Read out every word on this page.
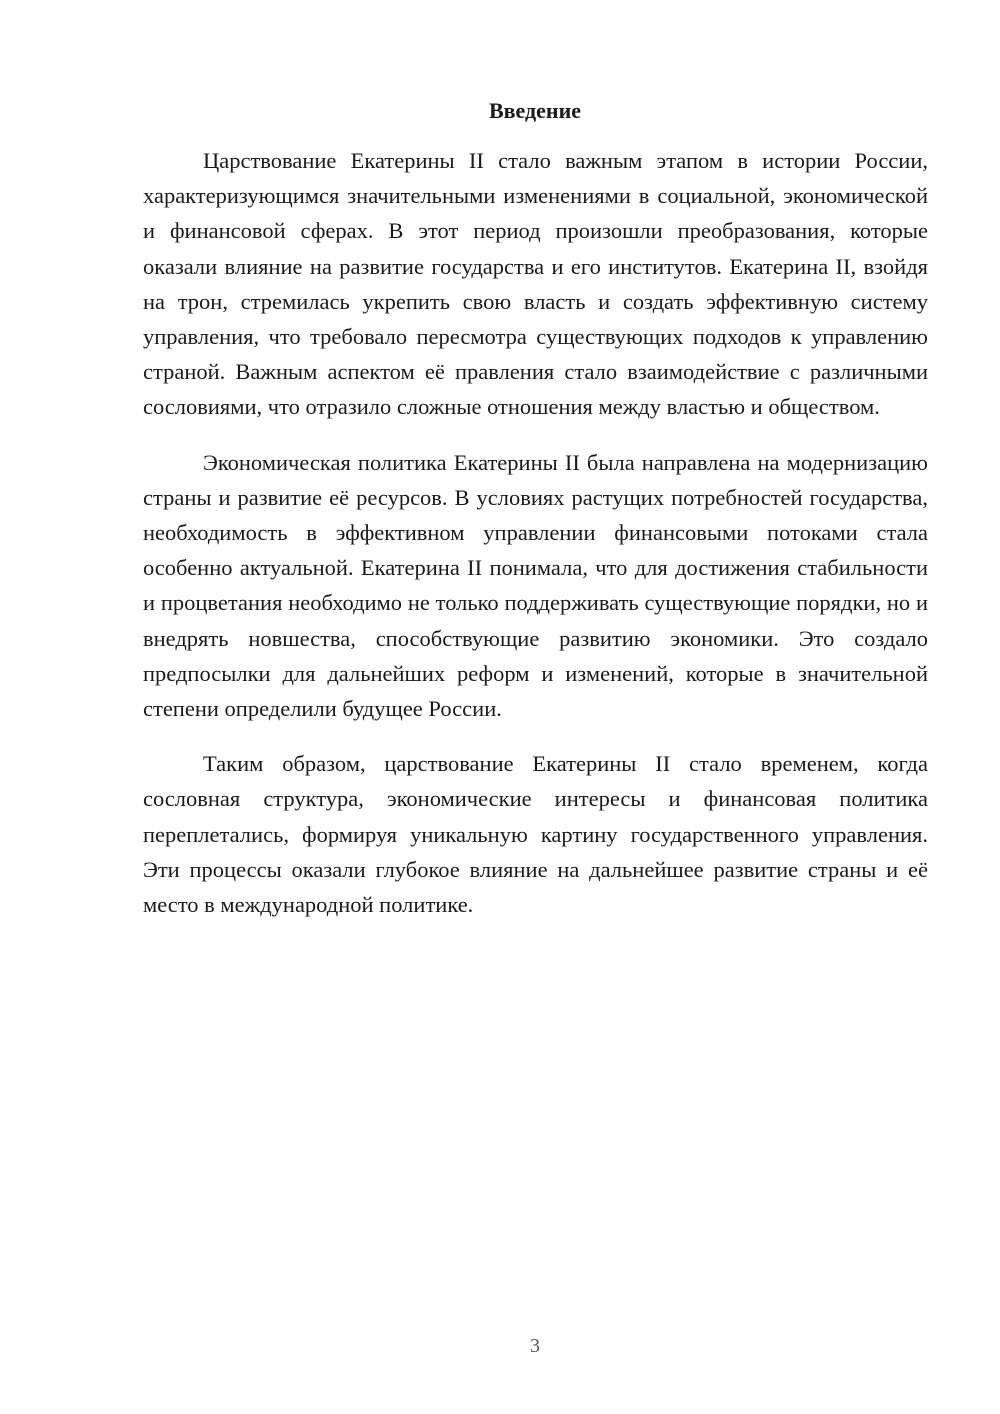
Введение

Царствование Екатерины II стало важным этапом в истории России, характеризующимся значительными изменениями в социальной, экономической и финансовой сферах. В этот период произошли преобразования, которые оказали влияние на развитие государства и его институтов. Екатерина II, взойдя на трон, стремилась укрепить свою власть и создать эффективную систему управления, что требовало пересмотра существующих подходов к управлению страной. Важным аспектом её правления стало взаимодействие с различными сословиями, что отразило сложные отношения между властью и обществом.

Экономическая политика Екатерины II была направлена на модернизацию страны и развитие её ресурсов. В условиях растущих потребностей государства, необходимость в эффективном управлении финансовыми потоками стала особенно актуальной. Екатерина II понимала, что для достижения стабильности и процветания необходимо не только поддерживать существующие порядки, но и внедрять новшества, способствующие развитию экономики. Это создало предпосылки для дальнейших реформ и изменений, которые в значительной степени определили будущее России.

Таким образом, царствование Екатерины II стало временем, когда сословная структура, экономические интересы и финансовая политика переплетались, формируя уникальную картину государственного управления. Эти процессы оказали глубокое влияние на дальнейшее развитие страны и её место в международной политике.

3
